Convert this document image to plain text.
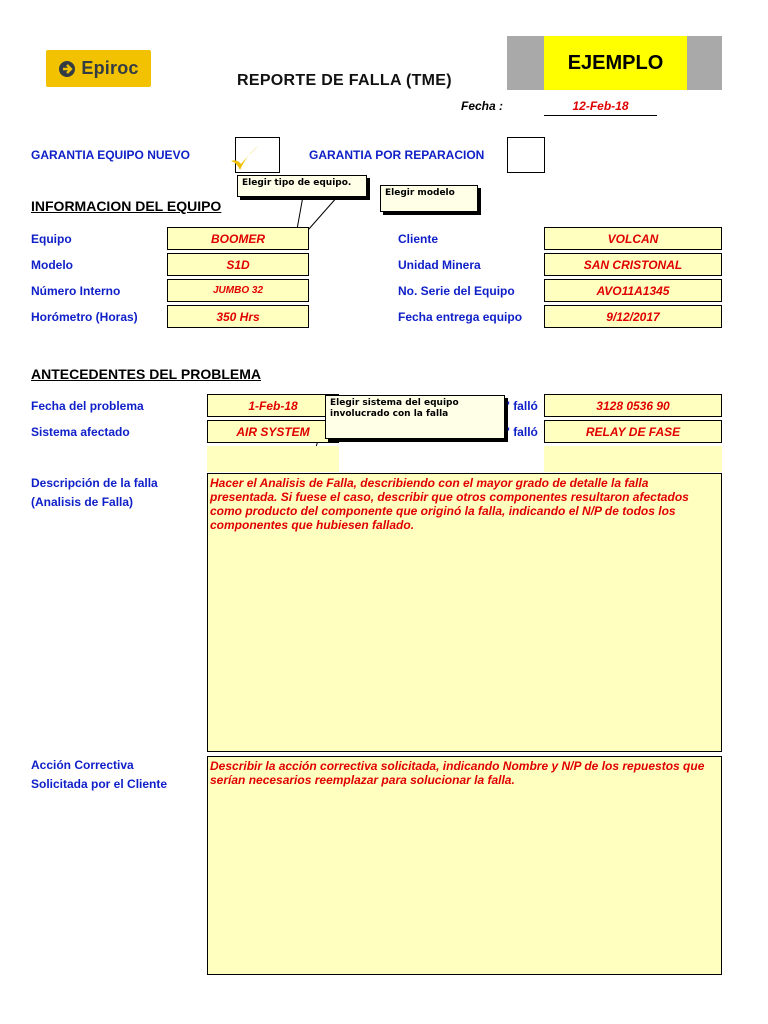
Epiroc	EJEMPLO
REPORTE DE FALLA (TME)
Fecha :	12-Feb-18
GARANTIA EQUIPO NUEVO	GARANTIA POR REPARACION
INFORMACION DEL EQUIPO
Elegir tipo de equipo.
Elegir modelo
Equipo	BOOMER
Modelo	S1D
Número Interno	JUMBO 32
Horómetro (Horas)	350 Hrs
Cliente	VOLCAN
Unidad Minera	SAN CRISTONAL
No. Serie del Equipo	AVO11A1345
Fecha entrega equipo	9/12/2017
ANTECEDENTES DEL PROBLEMA
Fecha del problema	1-Feb-18
Sistema afectado	AIR SYSTEM
Elegir sistema del equipo involucrado con la falla
' falló	3128 0536 90
' falló	RELAY DE FASE
Descripción de la falla
(Analisis de Falla)
Hacer el Analisis de Falla, describiendo con el mayor grado de detalle la falla presentada. Si fuese el caso, describir que otros componentes resultaron afectados como producto del componente que originó la falla, indicando el N/P de todos los componentes que hubiesen fallado.
Acción Correctiva
Solicitada por el Cliente
Describir la acción correctiva solicitada, indicando Nombre y N/P de los repuestos que serían necesarios reemplazar para solucionar la falla.
